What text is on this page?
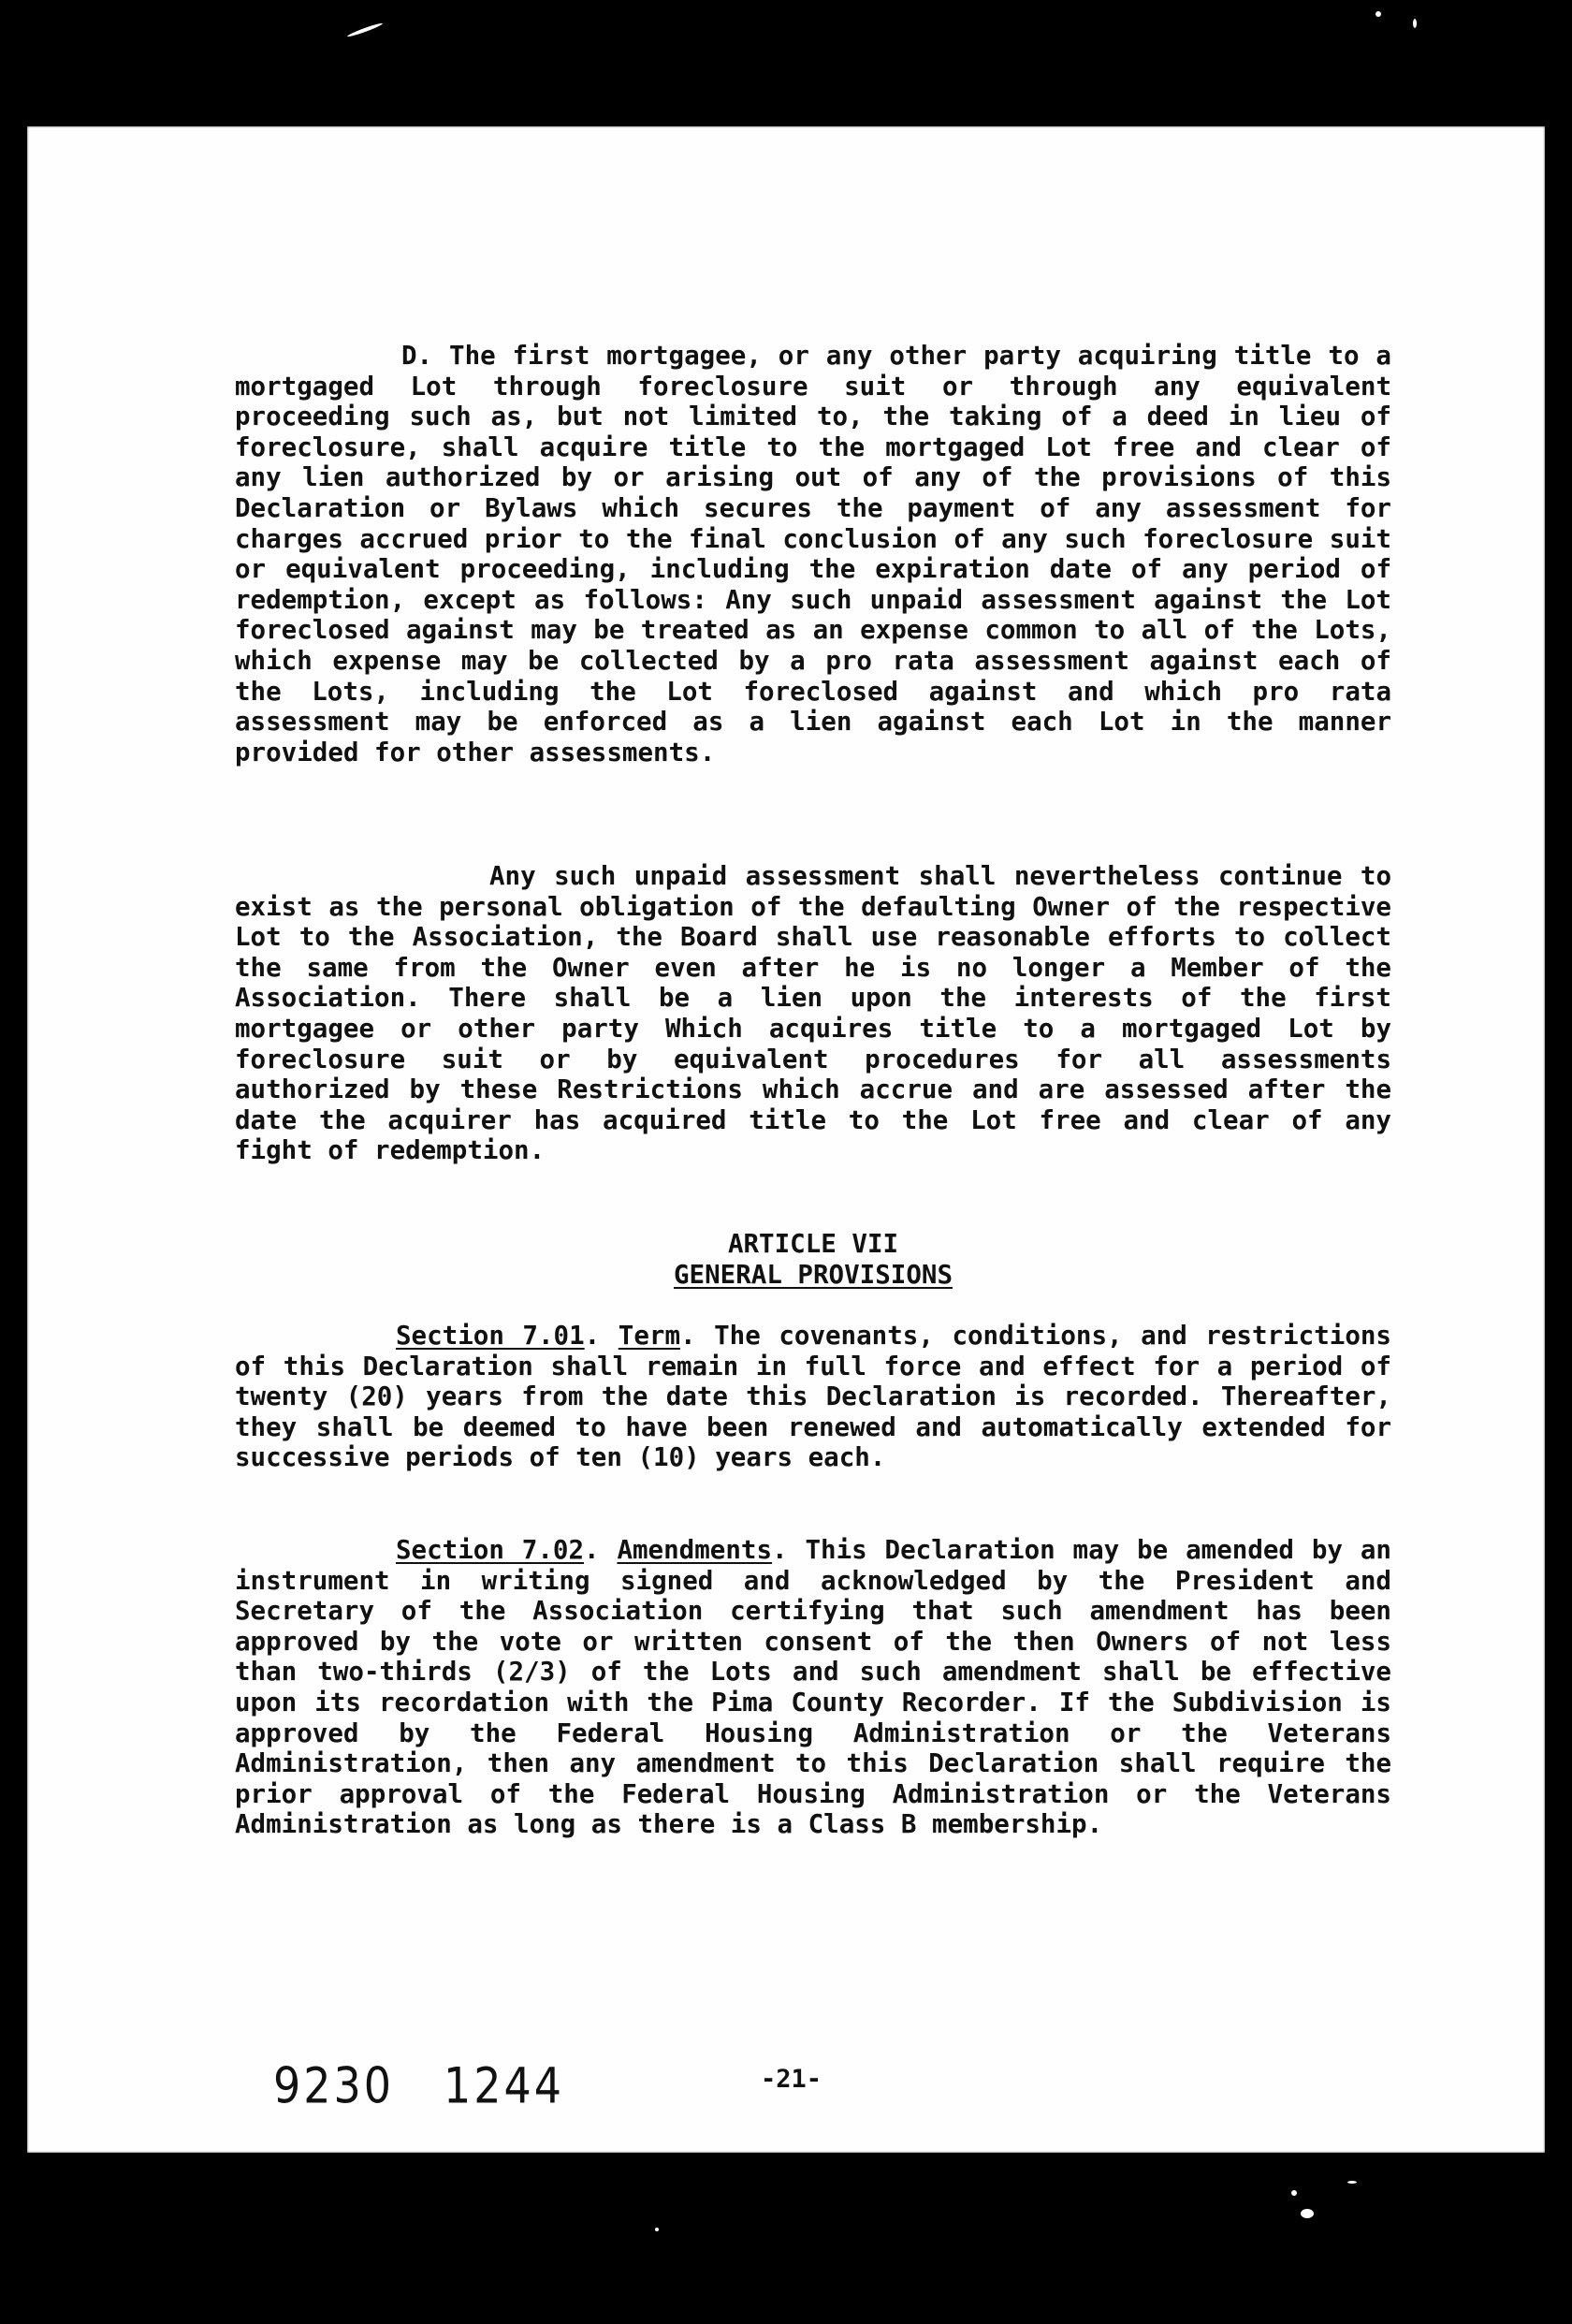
D. The first mortgagee, or any other party acquiring title to a mortgaged Lot through foreclosure suit or through any equivalent proceeding such as, but not limited to, the taking of a deed in lieu of foreclosure, shall acquire title to the mortgaged Lot free and clear of any lien authorized by or arising out of any of the provisions of this Declaration or Bylaws which secures the payment of any assessment for charges accrued prior to the final conclusion of any such foreclosure suit or equivalent proceeding, including the expiration date of any period of redemption, except as follows: Any such unpaid assessment against the Lot foreclosed against may be treated as an expense common to all of the Lots, which expense may be collected by a pro rata assessment against each of the Lots, including the Lot foreclosed against and which pro rata assessment may be enforced as a lien against each Lot in the manner provided for other assessments.

Any such unpaid assessment shall nevertheless continue to exist as the personal obligation of the defaulting Owner of the respective Lot to the Association, the Board shall use reasonable efforts to collect the same from the Owner even after he is no longer a Member of the Association. There shall be a lien upon the interests of the first mortgagee or other party Which acquires title to a mortgaged Lot by foreclosure suit or by equivalent procedures for all assessments authorized by these Restrictions which accrue and are assessed after the date the acquirer has acquired title to the Lot free and clear of any fight of redemption.

ARTICLE VII
GENERAL PROVISIONS

Section 7.01. Term. The covenants, conditions, and restrictions of this Declaration shall remain in full force and effect for a period of twenty (20) years from the date this Declaration is recorded. Thereafter, they shall be deemed to have been renewed and automatically extended for successive periods of ten (10) years each.

Section 7.02. Amendments. This Declaration may be amended by an instrument in writing signed and acknowledged by the President and Secretary of the Association certifying that such amendment has been approved by the vote or written consent of the then Owners of not less than two-thirds (2/3) of the Lots and such amendment shall be effective upon its recordation with the Pima County Recorder. If the Subdivision is approved by the Federal Housing Administration or the Veterans Administration, then any amendment to this Declaration shall require the prior approval of the Federal Housing Administration or the Veterans Administration as long as there is a Class B membership.

9230 1244	-21-
